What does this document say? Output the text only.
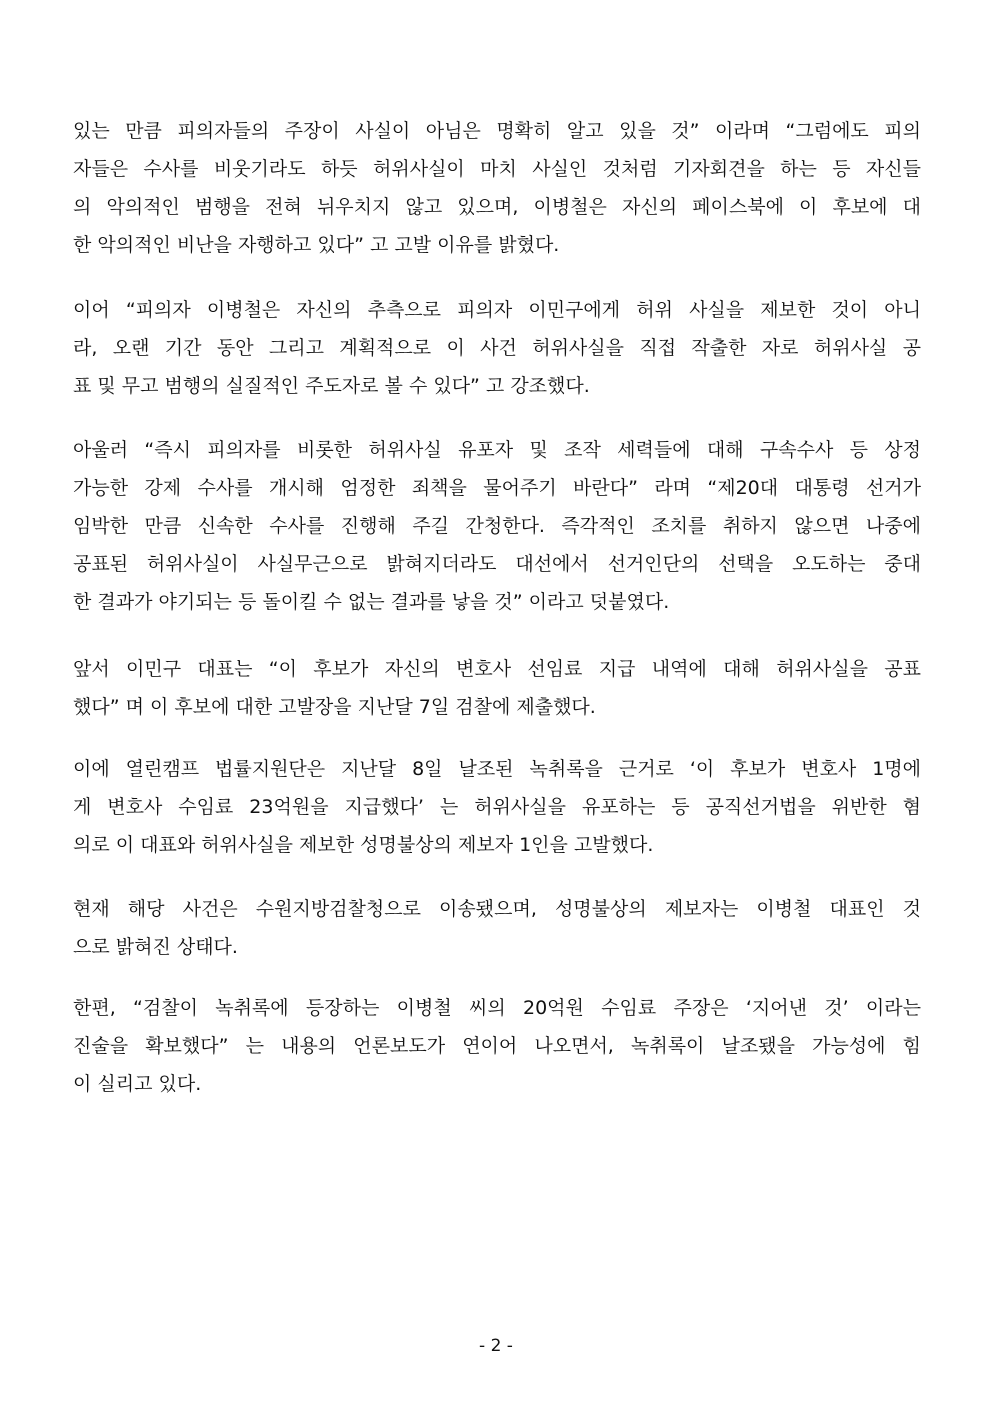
있는 만큼 피의자들의 주장이 사실이 아님은 명확히 알고 있을 것” 이라며 “그럼에도 피의
자들은 수사를 비웃기라도 하듯 허위사실이 마치 사실인 것처럼 기자회견을 하는 등 자신들
의 악의적인 범행을 전혀 뉘우치지 않고 있으며, 이병철은 자신의 페이스북에 이 후보에 대
한 악의적인 비난을 자행하고 있다” 고 고발 이유를 밝혔다.
이어 “피의자 이병철은 자신의 추측으로 피의자 이민구에게 허위 사실을 제보한 것이 아니
라, 오랜 기간 동안 그리고 계획적으로 이 사건 허위사실을 직접 작출한 자로 허위사실 공
표 및 무고 범행의 실질적인 주도자로 볼 수 있다” 고 강조했다.
아울러 “즉시 피의자를 비롯한 허위사실 유포자 및 조작 세력들에 대해 구속수사 등 상정
가능한 강제 수사를 개시해 엄정한 죄책을 물어주기 바란다” 라며 “제20대 대통령 선거가
임박한 만큼 신속한 수사를 진행해 주길 간청한다. 즉각적인 조치를 취하지 않으면 나중에
공표된 허위사실이 사실무근으로 밝혀지더라도 대선에서 선거인단의 선택을 오도하는 중대
한 결과가 야기되는 등 돌이킬 수 없는 결과를 낳을 것” 이라고 덧붙였다.
앞서 이민구 대표는 “이 후보가 자신의 변호사 선임료 지급 내역에 대해 허위사실을 공표
했다” 며 이 후보에 대한 고발장을 지난달 7일 검찰에 제출했다.
이에 열린캠프 법률지원단은 지난달 8일 날조된 녹취록을 근거로 ‘이 후보가 변호사 1명에
게 변호사 수임료 23억원을 지급했다’ 는 허위사실을 유포하는 등 공직선거법을 위반한 혐
의로 이 대표와 허위사실을 제보한 성명불상의 제보자 1인을 고발했다.
현재 해당 사건은 수원지방검찰청으로 이송됐으며, 성명불상의 제보자는 이병철 대표인 것
으로 밝혀진 상태다.
한편, “검찰이 녹취록에 등장하는 이병철 씨의 20억원 수임료 주장은 ‘지어낸 것’ 이라는
진술을 확보했다” 는 내용의 언론보도가 연이어 나오면서, 녹취록이 날조됐을 가능성에 힘
이 실리고 있다.
- 2 -
